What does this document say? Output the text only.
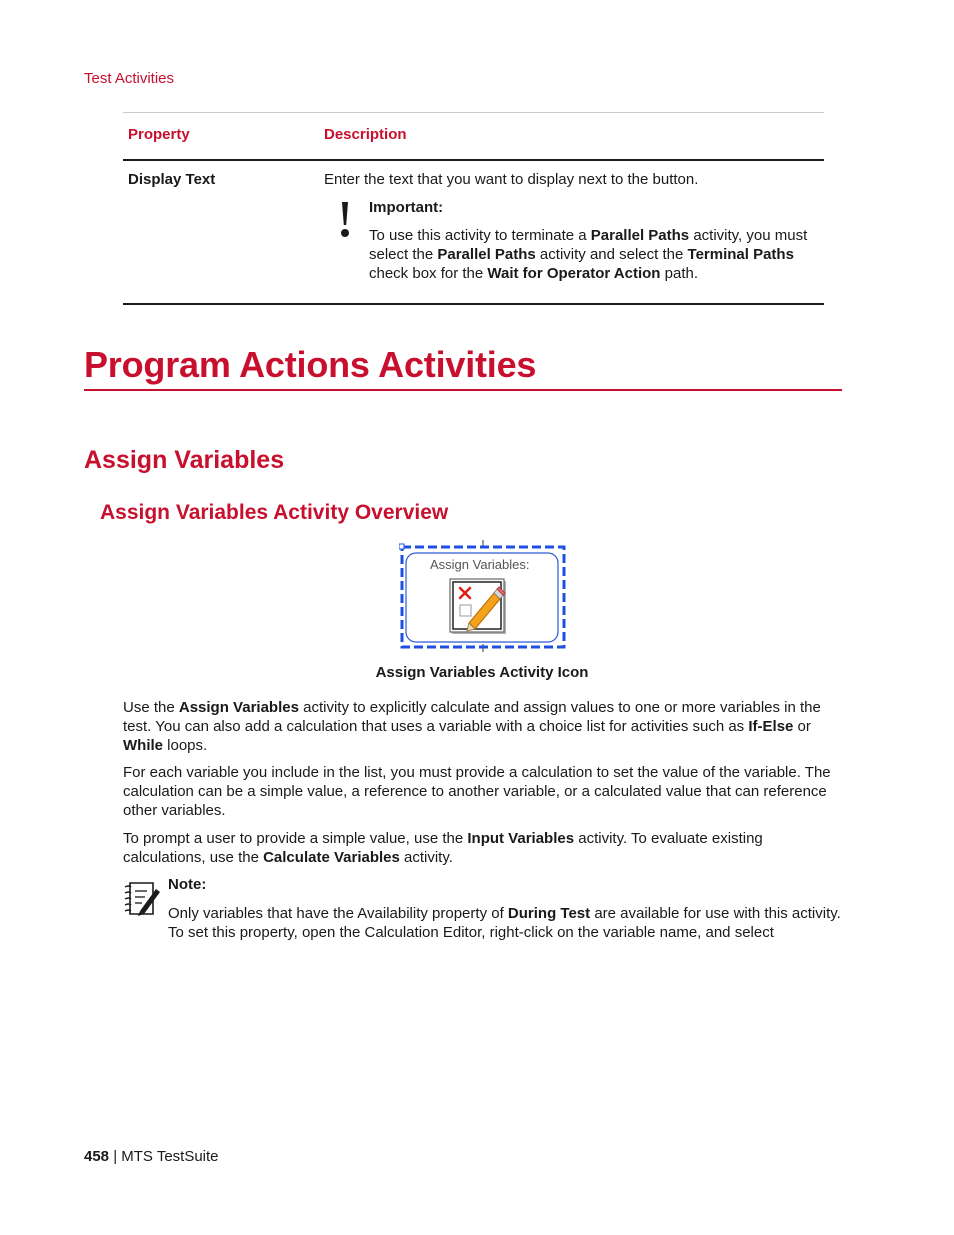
Test Activities
Property	Description
Display Text	Enter the text that you want to display next to the button.
Important:
To use this activity to terminate a Parallel Paths activity, you must select the Parallel Paths activity and select the Terminal Paths check box for the Wait for Operator Action path.
Program Actions Activities
Assign Variables
Assign Variables Activity Overview
Assign Variables:
Assign Variables Activity Icon
Use the Assign Variables activity to explicitly calculate and assign values to one or more variables in the test. You can also add a calculation that uses a variable with a choice list for activities such as If-Else or While loops.
For each variable you include in the list, you must provide a calculation to set the value of the variable. The calculation can be a simple value, a reference to another variable, or a calculated value that can reference other variables.
To prompt a user to provide a simple value, use the Input Variables activity. To evaluate existing calculations, use the Calculate Variables activity.
Note:
Only variables that have the Availability property of During Test are available for use with this activity. To set this property, open the Calculation Editor, right-click on the variable name, and select
458 | MTS TestSuite
